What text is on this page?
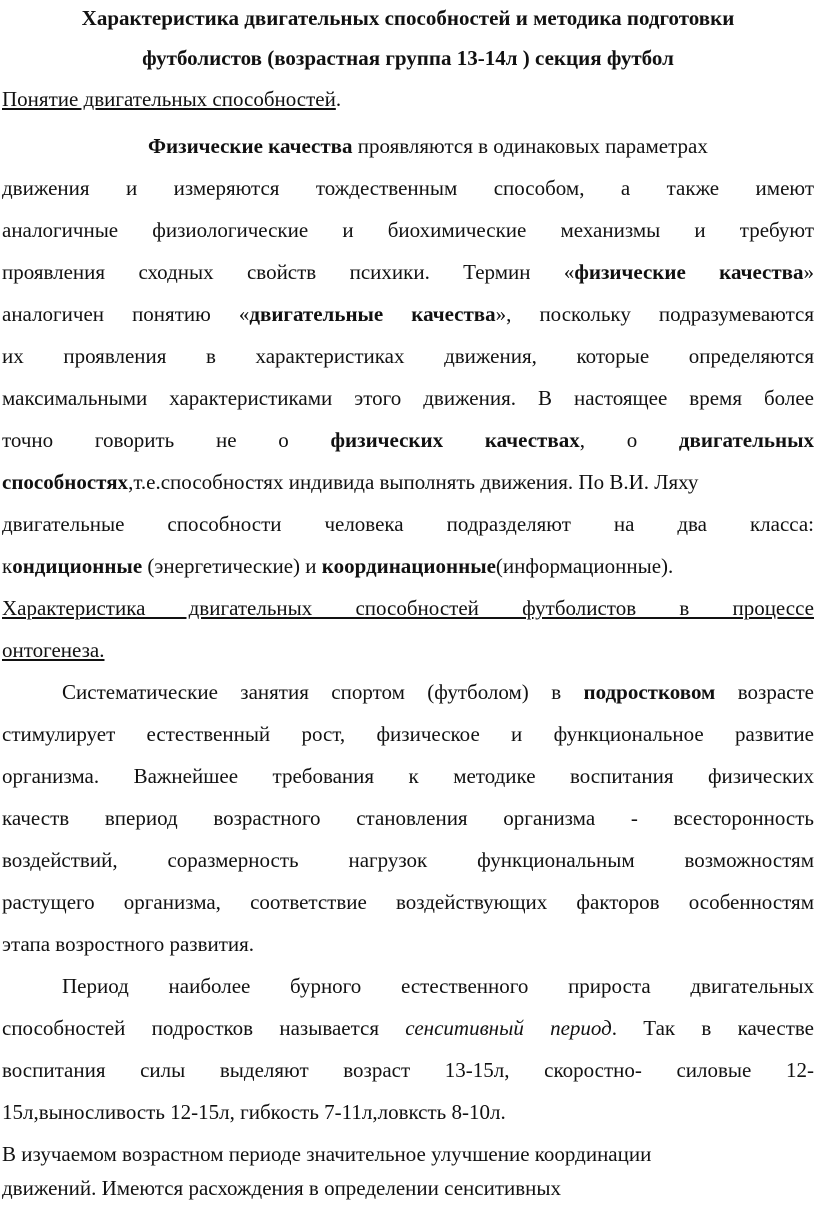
Характеристика двигательных способностей и методика подготовки
футболистов (возрастная группа 13-14л ) секция футбол
Понятие двигательных способностей.
Физические качества проявляются в одинаковых параметрах
движения и измеряются тождественным способом, а также имеют
аналогичные физиологические и биохимические механизмы и требуют
проявления сходных свойств психики. Термин «физические качества»
аналогичен понятию «двигательные качества», поскольку подразумеваются
их проявления в характеристиках движения, которые определяются
максимальными характеристиками этого движения. В настоящее время более
точно говорить не о физических качествах, о двигательных
способностях,т.е.способностях индивида выполнять движения. По В.И. Ляху
двигательные способности человека подразделяют на два класса:
кондиционные (энергетические) и координационные(информационные).
Характеристика двигательных способностей футболистов в процессе
онтогенеза.
Систематические занятия спортом (футболом) в подростковом возрасте
стимулирует естественный рост, физическое и функциональное развитие
организма. Важнейшее требования к методике воспитания физических
качеств впериод возрастного становления организма - всесторонность
воздействий, соразмерность нагрузок функциональным возможностям
растущего организма, соответствие воздействующих факторов особенностям
этапа возростного развития.
Период наиболее бурного естественного прироста двигательных
способностей подростков называется сенситивный период. Так в качестве
воспитания силы выделяют возраст 13-15л, скоростно- силовые 12-
15л,выносливость 12-15л, гибкость 7-11л,ловксть 8-10л.
В изучаемом возрастном периоде значительное улучшение координации
движений. Имеются расхождения в определении сенситивных
